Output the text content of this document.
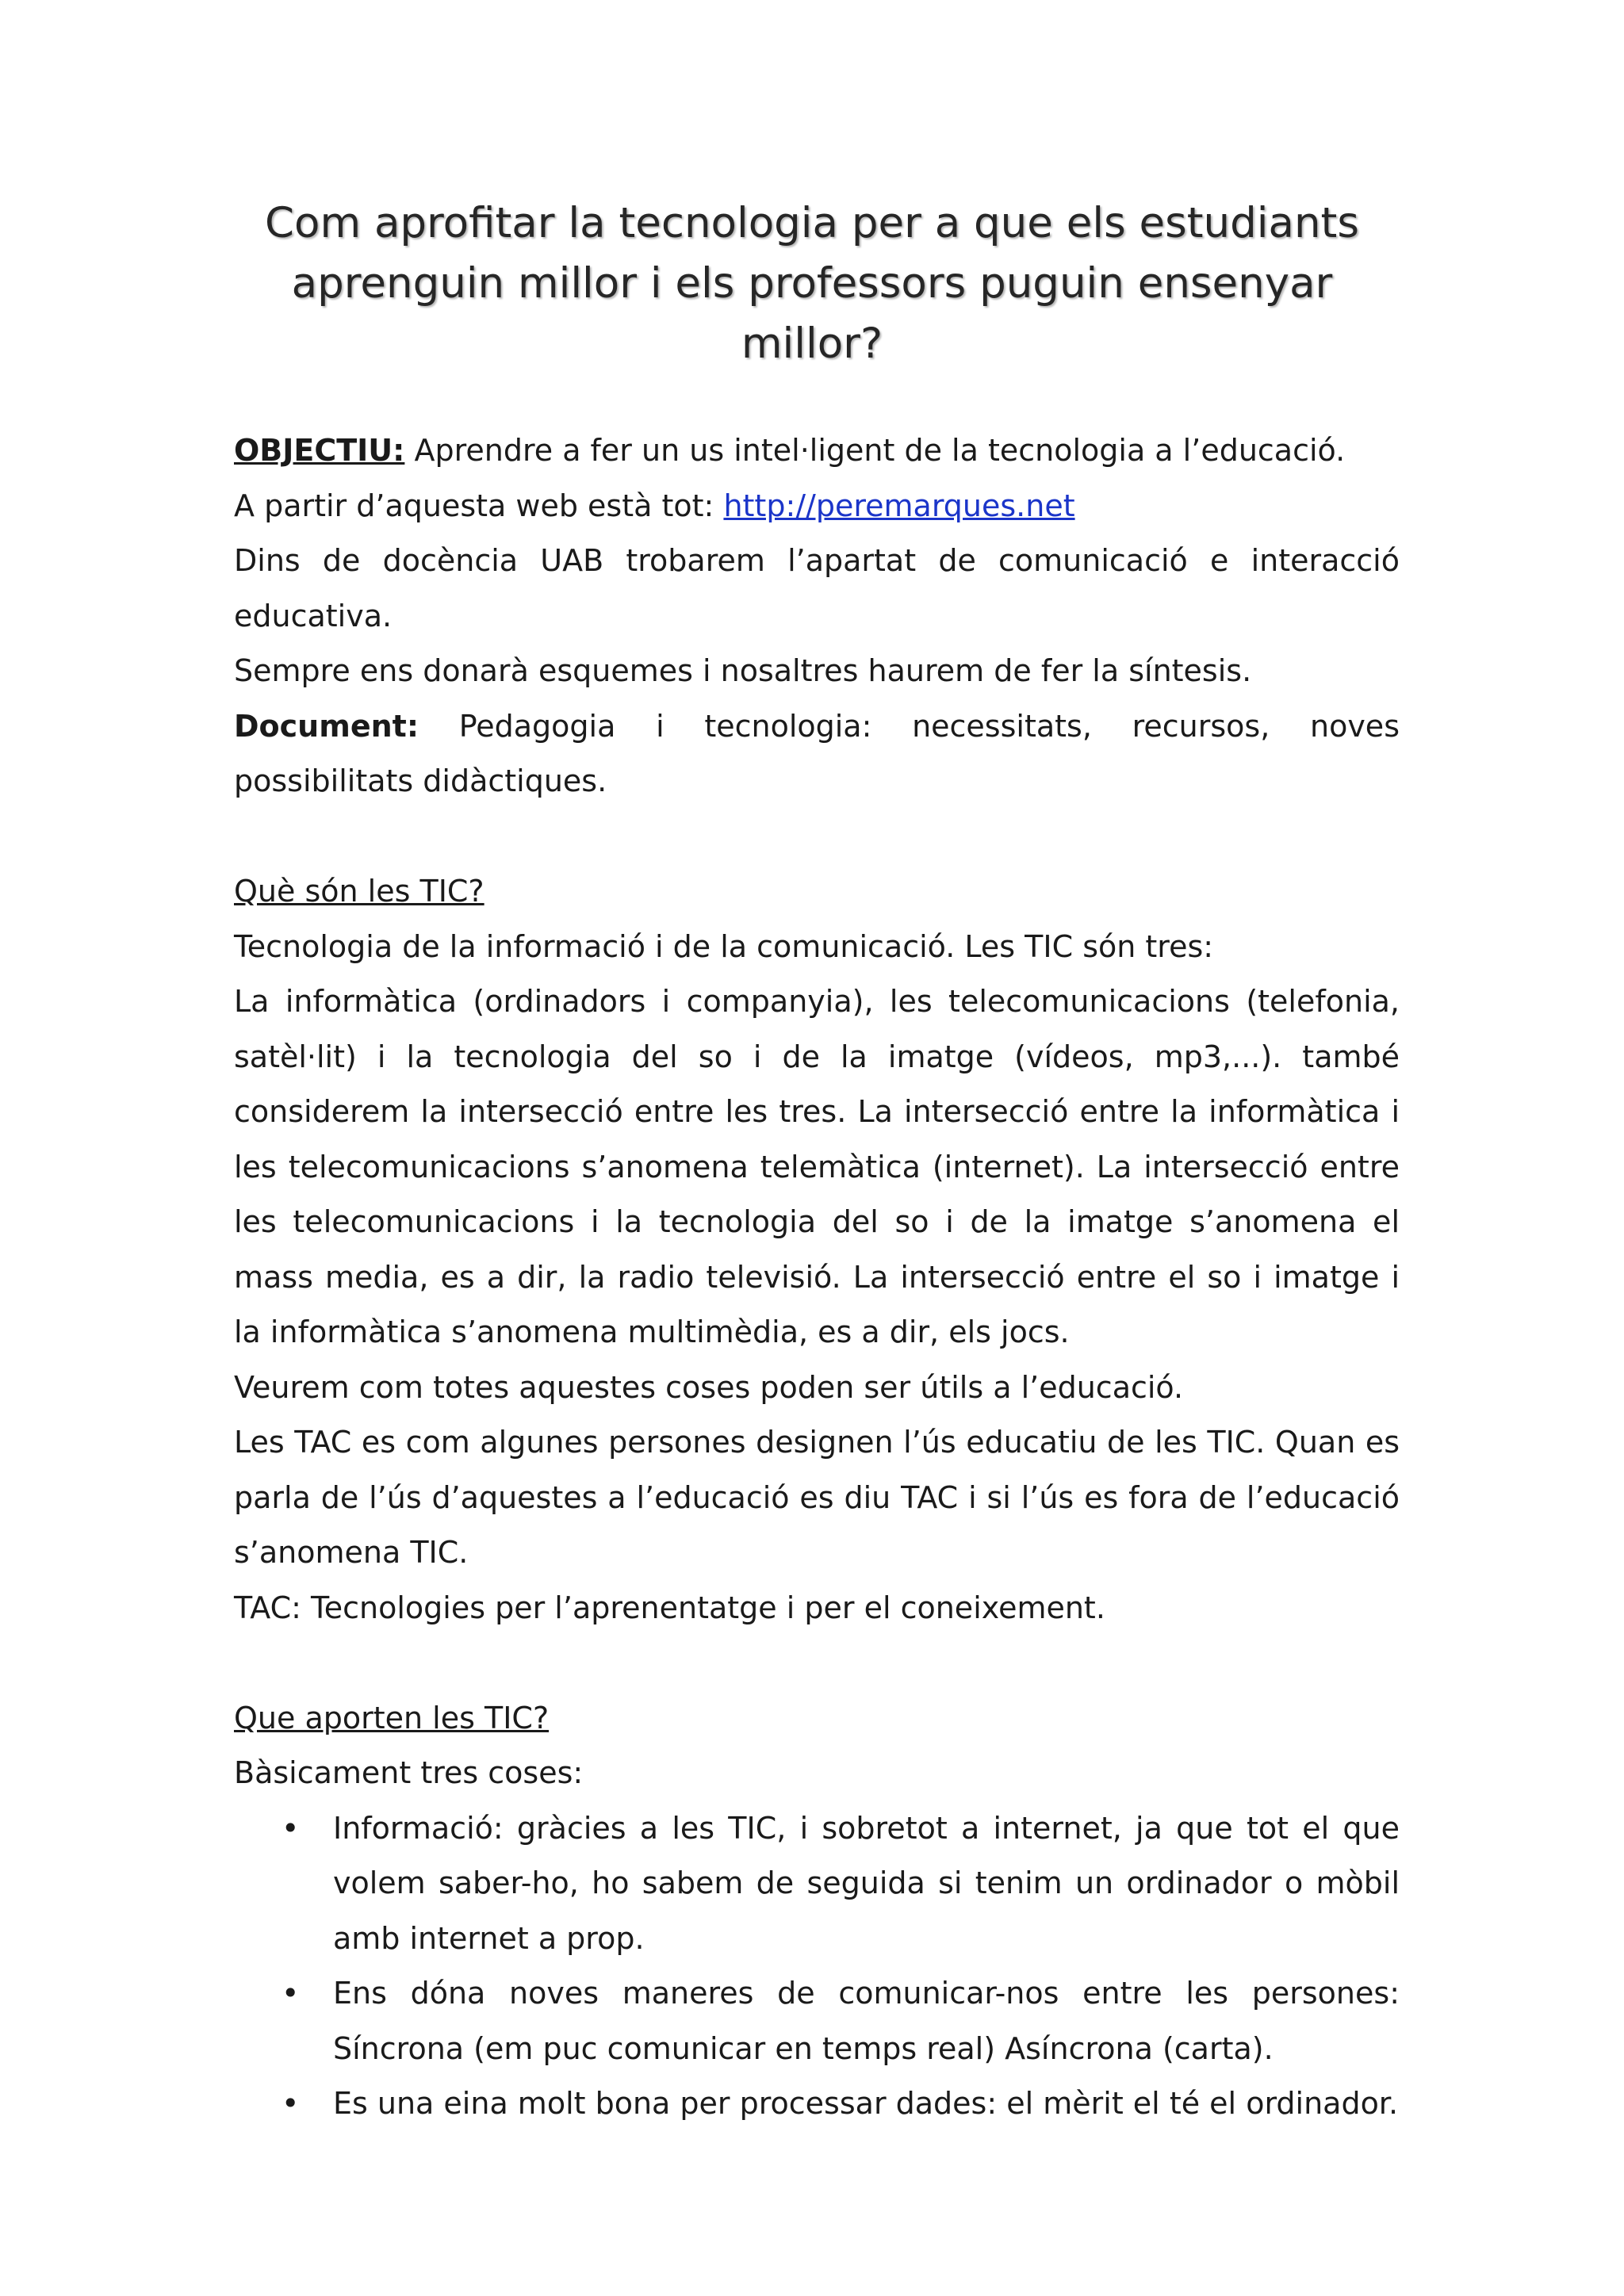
Com aprofitar la tecnologia per a que els estudiants aprenguin millor i els professors puguin ensenyar millor?

OBJECTIU: Aprendre a fer un us intel·ligent de la tecnologia a l’educació.

A partir d’aquesta web està tot: http://peremarques.net

Dins de docència UAB trobarem l’apartat de comunicació e interacció

educativa.

Sempre ens donarà esquemes i nosaltres haurem de fer la síntesis.

Document: Pedagogia i tecnologia: necessitats, recursos, noves

possibilitats didàctiques.

Què són les TIC?

Tecnologia de la informació i de la comunicació. Les TIC són tres:

La informàtica (ordinadors i companyia), les telecomunicacions (telefonia, satèl·lit) i la tecnologia del so i de la imatge (vídeos, mp3,...). també considerem la intersecció entre les tres. La intersecció entre la informàtica i les telecomunicacions s’anomena telemàtica (internet). La intersecció entre les telecomunicacions i la tecnologia del so i de la imatge s’anomena el mass media, es a dir, la radio televisió. La intersecció entre el so i imatge i la informàtica s’anomena multimèdia, es a dir, els jocs.

Veurem com totes aquestes coses poden ser útils a l’educació.

Les TAC es com algunes persones designen l’ús educatiu de les TIC. Quan es parla de l’ús d’aquestes a l’educació es diu TAC i si l’ús es fora de l’educació s’anomena TIC.

TAC: Tecnologies per l’aprenentatge i per el coneixement.

Que aporten les TIC?

Bàsicament tres coses:

• Informació: gràcies a les TIC, i sobretot a internet, ja que tot el que volem saber-ho, ho sabem de seguida si tenim un ordinador o mòbil amb internet a prop.
• Ens dóna noves maneres de comunicar-nos entre les persones: Síncrona (em puc comunicar en temps real) Asíncrona (carta).
• Es una eina molt bona per processar dades: el mèrit el té el ordinador.
